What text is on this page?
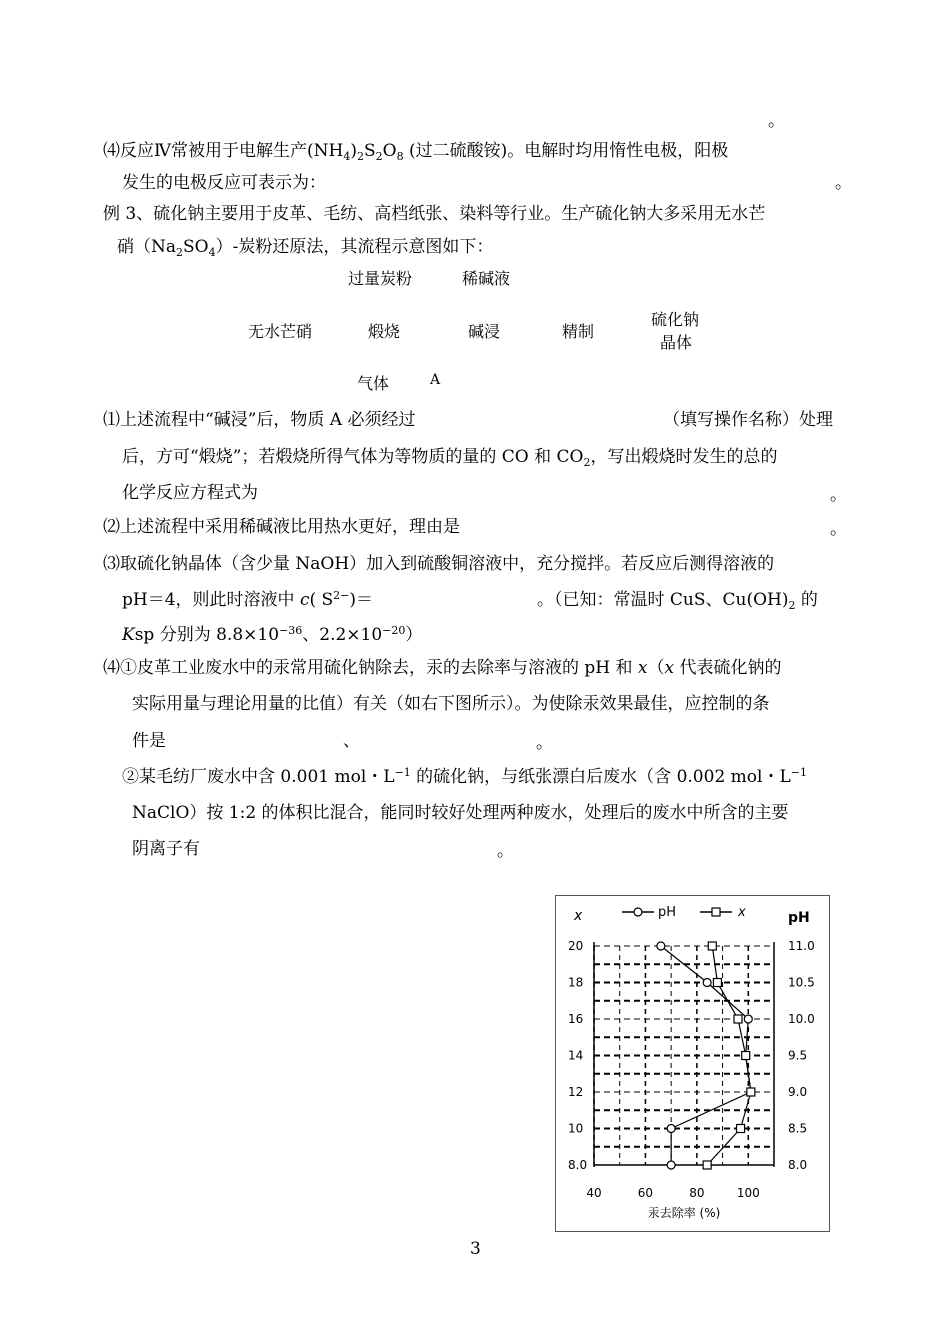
。
⑷反应Ⅳ常被用于电解生产$(NH_4)_2S_2O_8$ (过二硫酸铵)。电解时均用惰性电极，阳极
发生的电极反应可表示为：	。
例 3、硫化钠主要用于皮革、毛纺、高档纸张、染料等行业。生产硫化钠大多采用无水芒
硝$(Na_2SO_4)-$炭粉还原法，其流程示意图如下：
过量炭粉	稀碱液
无水芒硝	煅烧	碱浸	精制
硫化钠
晶体
气体	A
⑴上述流程中“碱浸”后，物质 A 必须经过	（填写操作名称）处理
后，方可“煅烧”；若煅烧所得气体为等物质的量的 CO 和 $CO_2$，写出煅烧时发生的总的
化学反应方程式为	。
⑵上述流程中采用稀碱液比用热水更好，理由是	。
⑶取硫化钠晶体（含少量 NaOH）加入到硫酸铜溶液中，充分搅拌。若反应后测得溶液的
pH＝4，则此时溶液中 c( $S^{2-})=$	。（已知：常温时 CuS、$Cu(OH)_2$ 的
Ksp 分别为 $8.8\times 10^{-36}$、$2.2\times 10^{-20}$）
⑷①皮革工业废水中的汞常用硫化钠除去，汞的去除率与溶液的 pH 和 x（x 代表硫化钠的
实际用量与理论用量的比值）有关（如右下图所示）。为使除汞效果最佳，应控制的条
件是	、	。
②某毛纺厂废水中含 0.001 mol・$L^{-1}$ 的硫化钠，与纸张漂白后废水（含 0.002 mol・$L^{-1}$
NaClO）按 1:2 的体积比混合，能同时较好处理两种废水，处理后的废水中所含的主要
阴离子有	。
20
18
16
14
12
10
8.0
11.0
10.5
10.0
9.5
9.0
8.5
8.0
40	60	80	100
汞去除率 (%)
x	pH
pH	x
3
